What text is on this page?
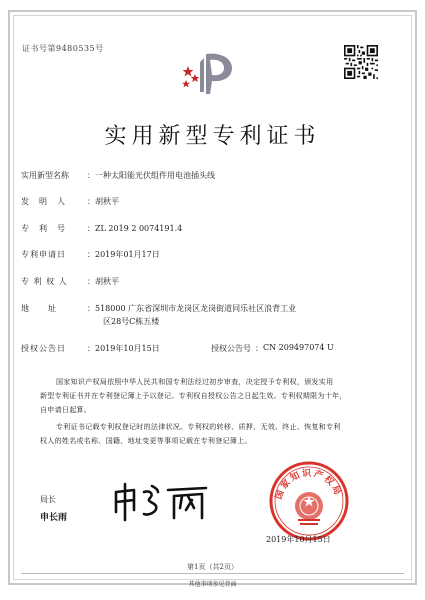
证书号第9480535号
实用新型专利证书
实用新型名称 ：一种太阳能光伏组件用电池插头线
发　明　人	：胡秋平
专　利　号	：ZL 2019 2 0074191.4
专利申请日	：2019年01月17日
专 利 权 人 ：胡秋平
地　　址	：518000 广东省深圳市龙岗区龙岗街道同乐社区浪背工业
区28号C栋五楼
授权公告日	：2019年10月15日	授权公告号 ： CN 209497074 U
国家知识产权局依照中华人民共和国专利法经过初步审查，决定授予专利权，颁发实用
新型专利证书并在专利登记簿上予以登记。专利权自授权公告之日起生效。专利权期限为十年，
自申请日起算。
专利证书记载专利权登记时的法律状况。专利权的转移、质押、无效、终止、恢复和专利
权人的姓名或名称、国籍、地址变更等事项记载在专利登记簿上。
局长
申长雨
国家知识产权局
2019年10月15日
第1页（共2页）
其他事项参见背面
